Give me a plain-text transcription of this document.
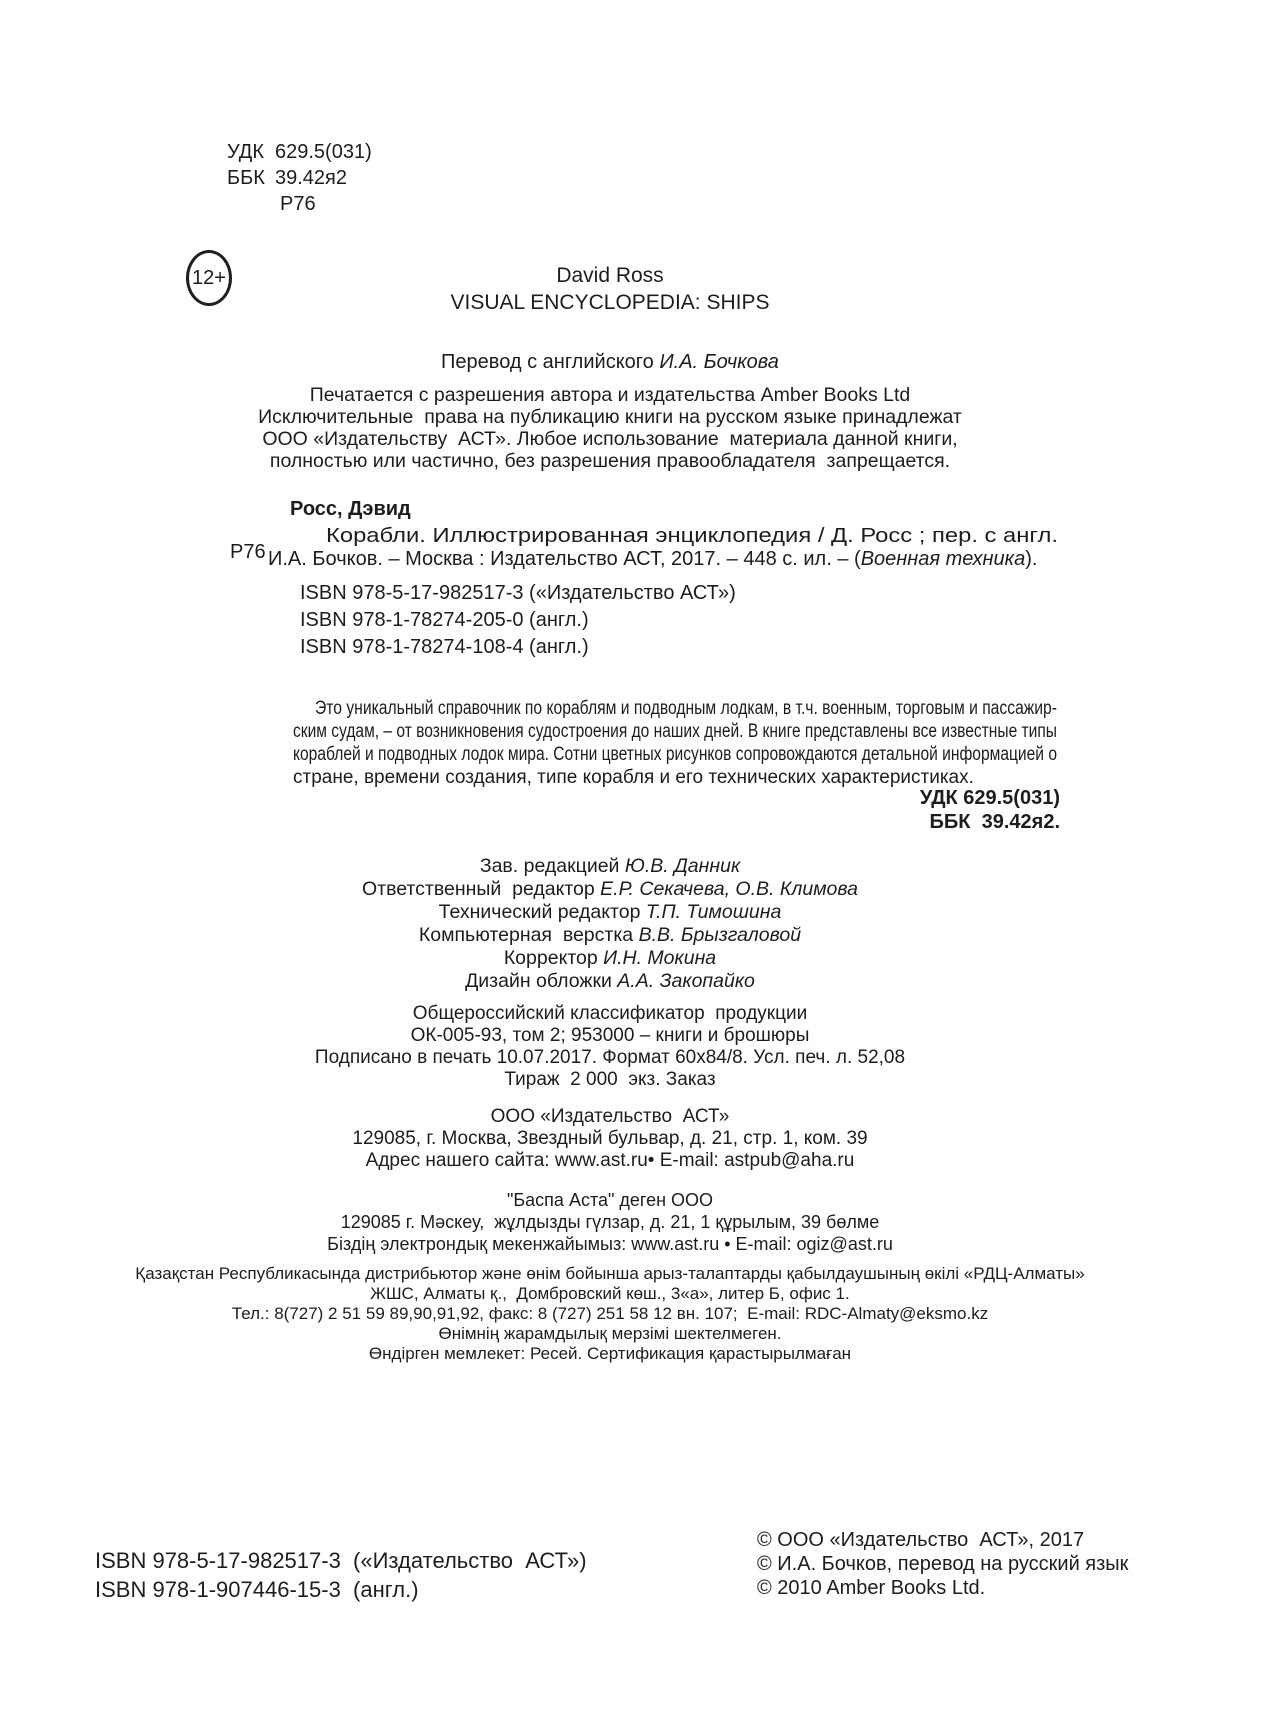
УДК 629.5(031)
ББК 39.42я2
Р76
12+	David Ross
VISUAL ENCYCLOPEDIA: SHIPS
Перевод с английского И.А. Бочкова
Печатается с разрешения автора и издательства Amber Books Ltd
Исключительные  права на публикацию книги на русском языке принадлежат
ООО «Издательству  АСТ». Любое использование  материала данной книги,
полностью или частично, без разрешения правообладателя  запрещается.
Росс, Дэвид
Р76
Корабли. Иллюстрированная энциклопедия / Д. Росс ; пер. с англ.
И.А. Бочков. – Москва : Издательство АСТ, 2017. – 448 с. ил. – (Военная техника).
ISBN 978-5-17-982517-3 («Издательство АСТ»)
ISBN 978-1-78274-205-0 (англ.)
ISBN 978-1-78274-108-4 (англ.)
Это уникальный справочник по кораблям и подводным лодкам, в т.ч. военным, торговым и пассажир-
ским судам, – от возникновения судостроения до наших дней. В книге представлены все известные типы
кораблей и подводных лодок мира. Сотни цветных рисунков сопровождаются детальной информацией о
стране, времени создания, типе корабля и его технических характеристиках.
УДК 629.5(031)
ББК  39.42я2.
Зав. редакцией Ю.В. Данник
Ответственный  редактор Е.Р. Секачева, О.В. Климова
Технический редактор Т.П. Тимошина
Компьютерная  верстка В.В. Брызгаловой
Корректор И.Н. Мокина
Дизайн обложки А.А. Закопайко
Общероссийский классификатор  продукции
ОК-005-93, том 2; 953000 – книги и брошюры
Подписано в печать 10.07.2017. Формат 60х84/8. Усл. печ. л. 52,08
Тираж  2 000  экз. Заказ
ООО «Издательство  АСТ»
129085, г. Москва, Звездный бульвар, д. 21, стр. 1, ком. 39
Адрес нашего сайта: www.ast.ru• E-mail: astpub@aha.ru
"Баспа Аста" деген ООО
129085 г. Мәскеу,  жұлдызды гүлзар, д. 21, 1 құрылым, 39 бөлме
Біздің электрондық мекенжайымыз: www.ast.ru • E-mail: ogiz@ast.ru
Қазақстан Республикасында дистрибьютор және өнім бойынша арыз-талаптарды қабылдаушының өкілі «РДЦ-Алматы»
ЖШС, Алматы қ.,  Домбровский көш., 3«а», литер Б, офис 1.
Тел.: 8(727) 2 51 59 89,90,91,92, факс: 8 (727) 251 58 12 вн. 107;  E-mail: RDC-Almaty@eksmo.kz
Өнімнің жарамдылық мерзімі шектелмеген.
Өндірген мемлекет: Ресей. Сертификация қарастырылмаған
ISBN 978-5-17-982517-3  («Издательство  АСТ»)
ISBN 978-1-907446-15-3  (англ.)
© ООО «Издательство  АСТ», 2017
© И.А. Бочков, перевод на русский язык
© 2010 Amber Books Ltd.
